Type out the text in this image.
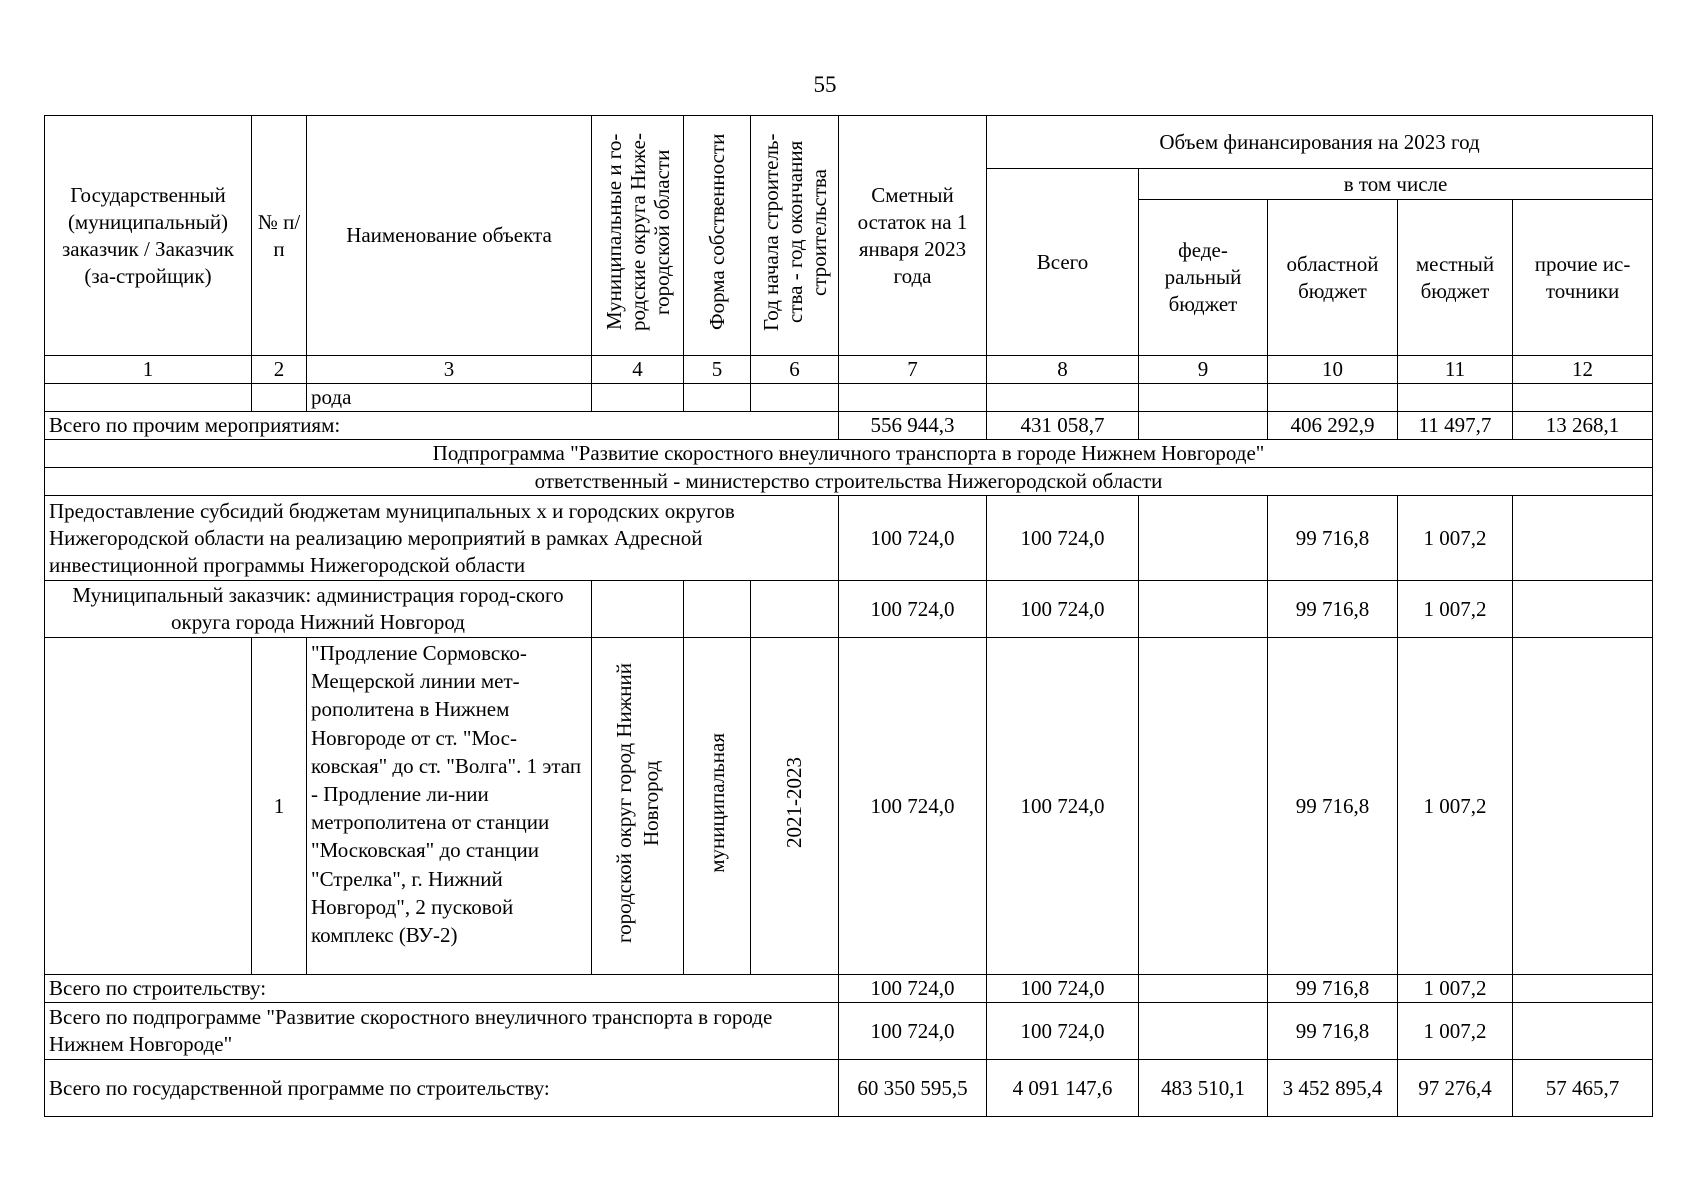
55
Государственный (муниципальный) заказчик / Заказчик (за-стройщик)	№ п/п	Наименование объекта	Муниципальные и го-родские округа Ниже-городской области	Форма собственности	Год начала строитель-ства - год окончания строительства	Сметный остаток на 1 января 2023 года	Объем финансирования на 2023 год				
							Всего	в том числе			
								феде-ральный бюджет	областной бюджет	местный бюджет	прочие ис-точники
1	2	3	4	5	6	7	8	9	10	11	12
		рода									
Всего по прочим мероприятиям:						556 944,3	431 058,7		406 292,9	11 497,7	13 268,1
Подпрограмма "Развитие скоростного внеуличного транспорта в городе Нижнем Новгороде"											
ответственный - министерство строительства Нижегородской области											
Предоставление субсидий бюджетам муниципальных х и городских округов Нижегородской области на реализацию мероприятий в рамках Адресной инвестиционной программы Нижегородской области						100 724,0	100 724,0		99 716,8	1 007,2	
Муниципальный заказчик: администрация город-ского округа города Нижний Новгород						100 724,0	100 724,0		99 716,8	1 007,2	
	1	"Продление Сормовско-Мещерской линии мет-рополитена в Нижнем Новгороде от ст. "Мос-ковская" до ст. "Волга". 1 этап - Продление ли-нии метрополитена от станции "Московская" до станции "Стрелка", г. Нижний Новгород", 2 пусковой комплекс (ВУ-2)	городской округ город Нижний Новгород	муниципальная	2021-2023	100 724,0	100 724,0		99 716,8	1 007,2	
Всего по строительству:						100 724,0	100 724,0		99 716,8	1 007,2	
Всего по подпрограмме "Развитие скоростного внеуличного транспорта в городе Нижнем Новгороде"						100 724,0	100 724,0		99 716,8	1 007,2	
Всего по государственной программе по строительству:						60 350 595,5	4 091 147,6	483 510,1	3 452 895,4	97 276,4	57 465,7
